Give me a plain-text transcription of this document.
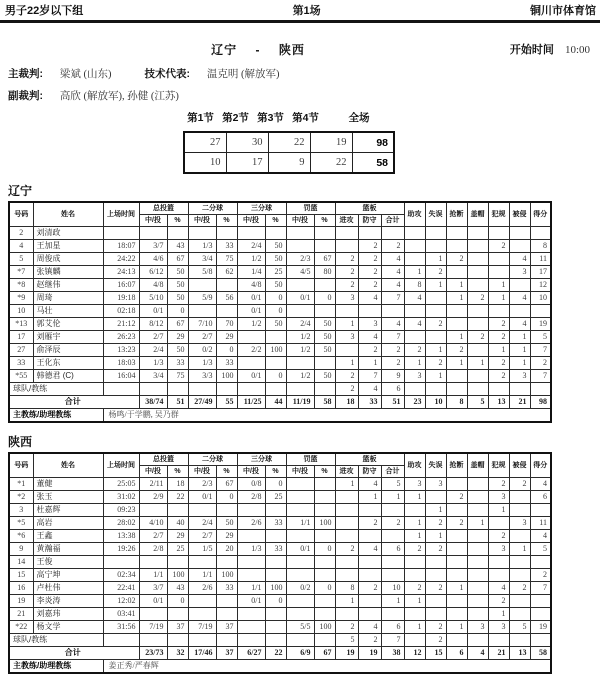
男子22岁以下组	第1场	铜川市体育馆
辽宁 - 陕西	开始时间 10:00
主裁判: 梁斌 (山东)	技术代表: 温克明 (解放军)
副裁判: 高欣 (解放军), 孙健 (江苏)
第1节 第2节 第3节 第4节	全场
27	30	22	19	98
10	17	9	22	58
辽宁
号码	姓名	上场时间	总投篮		二分球		三分球		罚篮		篮板			助攻	失误	抢断	盖帽	犯规	被侵	得分
			中/投	%	中/投	%	中/投	%	中/投	%	进攻	防守	合计							
2	刘清政																			
4	王加星	18:07	3/7	43	1/3	33	2/4	50				2	2					2		8
5	周俊成	24:22	4/6	67	3/4	75	1/2	50	2/3	67	2	2	4		1	2			4	11
*7	张镇麟	24:13	6/12	50	5/8	62	1/4	25	4/5	80	2	2	4	1	2				3	17
*8	赵继伟	16:07	4/8	50			4/8	50			2	2	4	8	1	1		1		12
*9	周琦	19:18	5/10	50	5/9	56	0/1	0	0/1	0	3	4	7	4		1	2	1	4	10
10	马壮	02:18	0/1	0			0/1	0												
*13	郭艾伦	21:12	8/12	67	7/10	70	1/2	50	2/4	50	1	3	4	4	2			2	4	19
17	刘雁宇	26:23	2/7	29	2/7	29			1/2	50	3	4	7			1	2	2	1	5
27	俞泽辰	13:23	2/4	50	0/2	0	2/2	100	1/2	50		2	2	2	1	2		1	1	7
33	王化东	18:03	1/3	33	1/3	33					1	1	2	1	2	1	1	2	1	2
*55	韩德君 (C)	16:04	3/4	75	3/3	100	0/1	0	1/2	50	2	7	9	3	1			2	3	7
球队/教练											2	4	6							
合计			38/74	51	27/49	55	11/25	44	11/19	58	18	33	51	23	10	8	5	13	21	98
主教练/助理教练		杨鸣/于学鹏, 吴乃群																		
陕西
号码	姓名	上场时间	总投篮		二分球		三分球		罚篮		篮板			助攻	失误	抢断	盖帽	犯规	被侵	得分
			中/投	%	中/投	%	中/投	%	中/投	%	进攻	防守	合计							
*1	董健	25:05	2/11	18	2/3	67	0/8	0			1	4	5	3	3			2	2	4
*2	张玉	31:02	2/9	22	0/1	0	2/8	25				1	1	1		2		3		6
3	杜嘉辉	09:23													1			1		
*5	高岩	28:02	4/10	40	2/4	50	2/6	33	1/1	100		2	2	1	2	2	1		3	11
*6	王鑫	13:38	2/7	29	2/7	29								1	1			2		4
9	黄瀚福	19:26	2/8	25	1/5	20	1/3	33	0/1	0	2	4	6	2	2			3	1	5
14	王俊																			
15	高宁坤	02:34	1/1	100	1/1	100														2
16	卢杜伟	22:41	3/7	43	2/6	33	1/1	100	0/2	0	8	2	10	2	2	1		4	2	7
19	李炎涛	12:02	0/1	0			0/1	0			1		1	1				2		
21	刘嘉玮	03:41																1		
*22	杨文学	31:56	7/19	37	7/19	37			5/5	100	2	4	6	1	2	1	3	3	5	19
球队/教练											5	2	7		2					
合计			23/73	32	17/46	37	6/27	22	6/9	67	19	19	38	12	15	6	4	21	13	58
主教练/助理教练		姜正秀/严春辉																		
